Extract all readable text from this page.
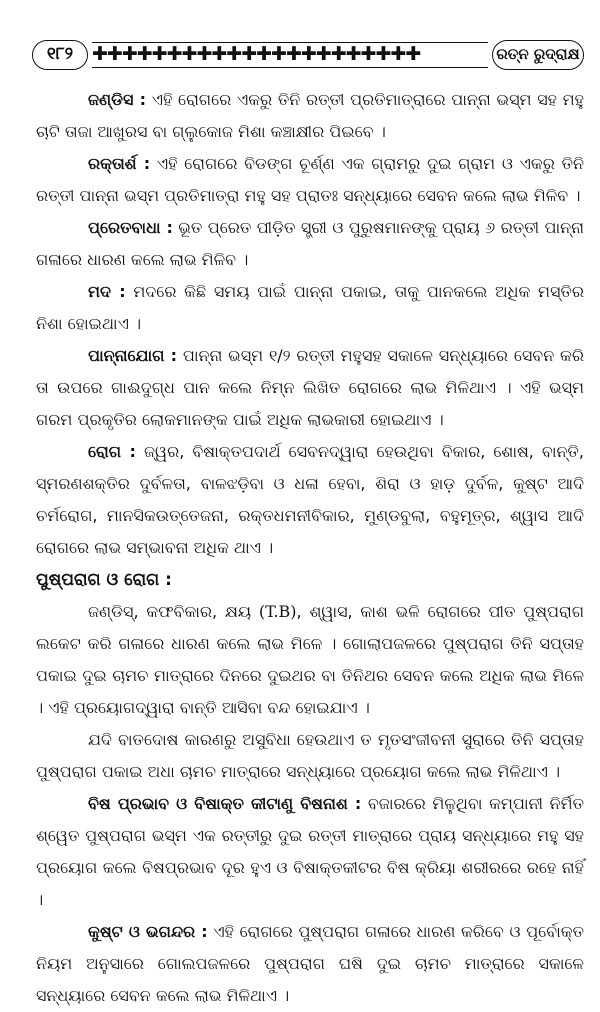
୧୮୨ ✚✚✚✚✚✚✚✚✚✚✚✚✚✚✚✚✚✚✚✚✚✚	ରତ୍ନ ରୁଦ୍ରାକ୍ଷ

ଜଣ୍ଡିସ : ଏହି ରୋଗରେ ଏକରୁ ତିନି ରତ୍ତୀ ପ୍ରତିମାତ୍ରାରେ ପାନ୍ନା ଭସ୍ମ ସହ ମହୁ ଚାଟି ତାଜା ଆଖୁରସ ବା ଗ୍ଲୁକୋଜ ମିଶା କଞ୍ଚାକ୍ଷୀର ପିଇବେ ।

ରକ୍ତାର୍ଶ : ଏହି ରୋଗରେ ବିଡଙ୍ଗ ଚୂର୍ଣ୍ଣ ଏକ ଗ୍ରାମରୁ ଦୁଇ ଗ୍ରାମ ଓ ଏକରୁ ତିନି ରତ୍ତୀ ପାନ୍ନା ଭସ୍ମ ପ୍ରତିମାତ୍ରା ମହୁ ସହ ପ୍ରାତଃ ସନ୍ଧ୍ୟାରେ ସେବନ କଲେ ଲାଭ ମିଳିବ ।

ପ୍ରେତବାଧା : ଭୂତ ପ୍ରେତ ପୀଡ଼ିତ ସ୍ତ୍ରୀ ଓ ପୁରୁଷମାନଙ୍କୁ ପ୍ରାୟ ୬ ରତ୍ତୀ ପାନ୍ନା ଗଳାରେ ଧାରଣ କଲେ ଲାଭ ମିଳିବ ।

ମଦ : ମଦରେ କିଛି ସମୟ ପାଇଁ ପାନ୍ନା ପକାଇ, ତାକୁ ପାନକଲେ ଅଧିକ ମସ୍ତିର ନିଶା ହୋଇଥାଏ ।

ପାନ୍ନାଯୋଗ : ପାନ୍ନା ଭସ୍ମ ୧/୨ ରତ୍ତୀ ମହୁସହ ସକାଳେ ସନ୍ଧ୍ୟାରେ ସେବନ କରି ତା ଉପରେ ଗାଈଦୁଗ୍ଧ ପାନ କଲେ ନିମ୍ନ ଲିଖିତ ରୋଗରେ ଲାଭ ମିଳିଥାଏ । ଏହି ଭସ୍ମ ଗରମ ପ୍ରକୃତିର ଲୋକମାନଙ୍କ ପାଇଁ ଅଧିକ ଲାଭକାରୀ ହୋଇଥାଏ ।

ରୋଗ : ଜ୍ୱର, ବିଷାକ୍ତପଦାର୍ଥ ସେବନଦ୍ୱାରା ହେଉଥିବା ବିକାର, ଶୋଷ, ବାନ୍ତି, ସ୍ମରଣଶକ୍ତିର ଦୁର୍ବଳତା, ବାଳଝଡ଼ିବା ଓ ଧଳା ହେବା, ଶିରା ଓ ହାଡ଼ ଦୁର୍ବଳ, କୁଷ୍ଟ ଆଦି ଚର୍ମରୋଗ, ମାନସିକଉତ୍ତେଜନା, ରକ୍ତଧମନୀବିକାର, ମୁଣ୍ଡବୁଲା, ବହୁମୂତ୍ର, ଶ୍ୱାସ ଆଦି ରୋଗରେ ଲାଭ ସମ୍ଭାବନା ଅଧିକ ଥାଏ ।

ପୁଷ୍ପରାଗ ଓ ରୋଗ :

ଜଣ୍ଡିସ୍, କଫବିକାର, କ୍ଷୟ (T.B), ଶ୍ୱାସ, କାଶ ଭଳି ରୋଗରେ ପୀତ ପୁଷ୍ପରାଗ ଲକେଟ କରି ଗଳାରେ ଧାରଣ କଲେ ଲାଭ ମିଳେ । ଗୋଲାପଜଳରେ ପୁଷ୍ପରାଗ ତିନି ସପ୍ତାହ ପକାଇ ଦୁଇ ଚାମଚ ମାତ୍ରାରେ ଦିନରେ ଦୁଇଥର ବା ତିନିଥର ସେବନ କଲେ ଅଧିକ ଲାଭ ମିଳେ । ଏହି ପ୍ରୟୋଗଦ୍ୱାରା ବାନ୍ତି ଆସିବା ବନ୍ଦ ହୋଇଯାଏ ।

ଯଦି ବାତଦୋଷ କାରଣରୁ ଅସୁବିଧା ହେଉଥାଏ ତ ମୃତସଂଜୀବନୀ ସୁରାରେ ତିନି ସପ୍ତାହ ପୁଷ୍ପରାଗ ପକାଇ ଅଧା ଚାମଚ ମାତ୍ରାରେ ସନ୍ଧ୍ୟାରେ ପ୍ରୟୋଗ କଲେ ଲାଭ ମିଳିଥାଏ ।

ବିଷ ପ୍ରଭାବ ଓ ବିଷାକ୍ତ କୀଟାଣୁ ବିଷନାଶ : ବଜାରରେ ମିଳୁଥିବା କମ୍ପାନୀ ନିର୍ମିତ ଶ୍ୱେତ ପୁଷ୍ପରାଗ ଭସ୍ମ ଏକ ରତ୍ତୀରୁ ଦୁଇ ରତ୍ତୀ ମାତ୍ରାରେ ପ୍ରାୟ ସନ୍ଧ୍ୟାରେ ମହୁ ସହ ପ୍ରୟୋଗ କଲେ ବିଷପ୍ରଭାବ ଦୂର ହୁଏ ଓ ବିଷାକ୍ତକୀଟର ବିଷ କ୍ରିୟା ଶରୀରରେ ରହେ ନାହିଁ ।

କୁଷ୍ଟ ଓ ଭଗନ୍ଦର : ଏହି ରୋଗରେ ପୁଷ୍ପରାଗ ଗଳାରେ ଧାରଣ କରିବେ ଓ ପୂର୍ବୋକ୍ତ ନିୟମ ଅନୁସାରେ ଗୋଲପଜଳରେ ପୁଷ୍ପରାଗ ଘଷି ଦୁଇ ଚାମଚ ମାତ୍ରାରେ ସକାଳେ ସନ୍ଧ୍ୟାରେ ସେବନ କଲେ ଲାଭ ମିଳିଥାଏ ।
